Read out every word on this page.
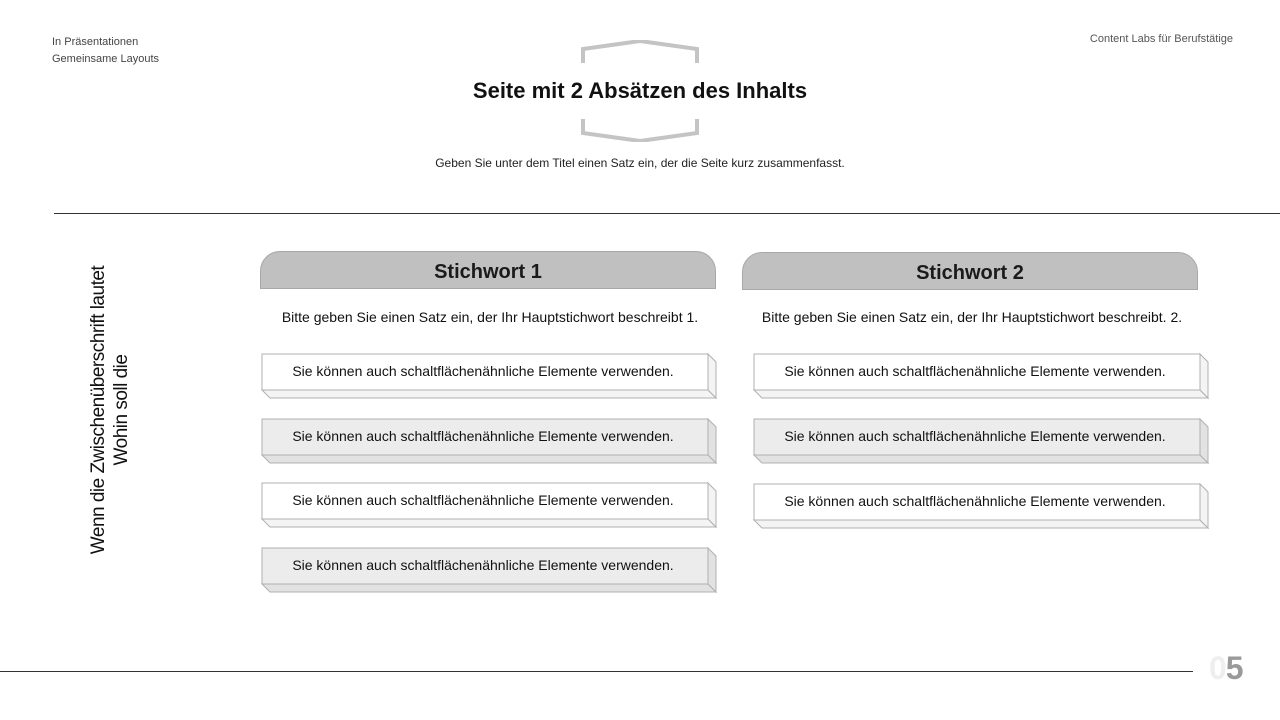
In Präsentationen
Gemeinsame Layouts
Content Labs für Berufstätige
Seite mit 2 Absätzen des Inhalts
Geben Sie unter dem Titel einen Satz ein, der die Seite kurz zusammenfasst.
Wenn die Zwischenüberschrift lautet Wohin soll die
Stichwort 1
Bitte geben Sie einen Satz ein, der Ihr Hauptstichwort beschreibt 1.
Sie können auch schaltflächenähnliche Elemente verwenden.
Sie können auch schaltflächenähnliche Elemente verwenden.
Sie können auch schaltflächenähnliche Elemente verwenden.
Sie können auch schaltflächenähnliche Elemente verwenden.
Stichwort 2
Bitte geben Sie einen Satz ein, der Ihr Hauptstichwort beschreibt. 2.
Sie können auch schaltflächenähnliche Elemente verwenden.
Sie können auch schaltflächenähnliche Elemente verwenden.
Sie können auch schaltflächenähnliche Elemente verwenden.
05
